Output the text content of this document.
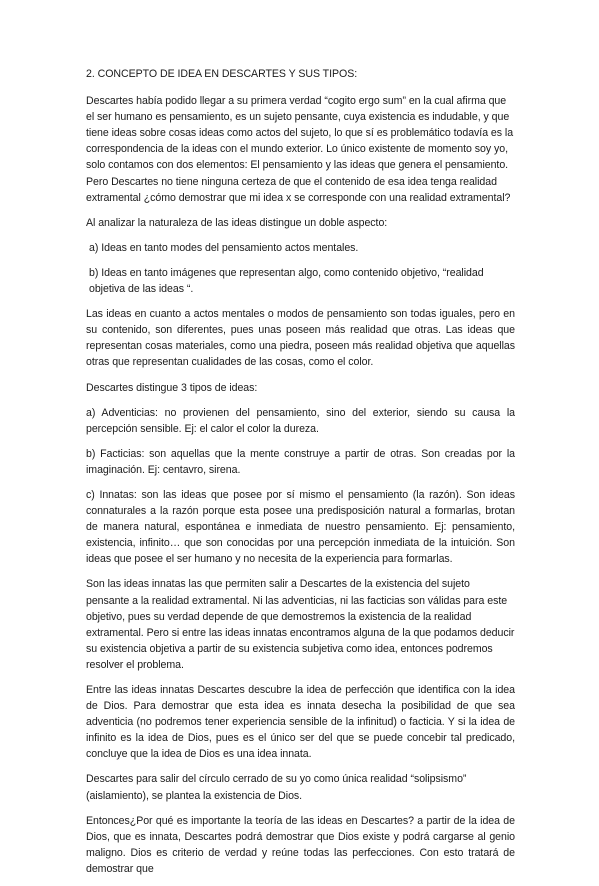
2. CONCEPTO DE IDEA EN DESCARTES Y SUS TIPOS:
Descartes había podido llegar a su primera verdad “cogito ergo sum” en la cual afirma que el ser humano es pensamiento, es un sujeto pensante, cuya existencia es indudable, y que tiene ideas sobre cosas ideas como actos del sujeto, lo que sí es problemático todavía es la correspondencia de la ideas con el mundo exterior. Lo único existente de momento soy yo, solo contamos con dos elementos: El pensamiento y las ideas que genera el pensamiento. Pero Descartes no tiene ninguna certeza de que el contenido de esa idea tenga realidad extramental ¿cómo demostrar que mi idea x se corresponde con una realidad extramental?
Al analizar la naturaleza de las ideas distingue un doble aspecto:
a) Ideas en tanto modes del pensamiento actos mentales.
b) Ideas en tanto imágenes que representan algo, como contenido objetivo, “realidad objetiva de las ideas “.
Las ideas en cuanto a actos mentales o modos de pensamiento son todas iguales, pero en su contenido, son diferentes, pues unas poseen más realidad que otras. Las ideas que representan cosas materiales, como una piedra, poseen más realidad objetiva que aquellas otras que representan cualidades de las cosas, como el color.
Descartes distingue 3 tipos de ideas:
a) Adventicias: no provienen del pensamiento, sino del exterior, siendo su causa la percepción sensible. Ej: el calor el color la dureza.
b) Facticias: son aquellas que la mente construye a partir de otras. Son creadas por la imaginación. Ej: centavro, sirena.
c) Innatas: son las ideas que posee por sí mismo el pensamiento (la razón). Son ideas connaturales a la razón porque esta posee una predisposición natural a formarlas, brotan de manera natural, espontánea e inmediata de nuestro pensamiento. Ej: pensamiento, existencia, infinito… que son conocidas por una percepción inmediata de la intuición. Son ideas que posee el ser humano y no necesita de la experiencia para formarlas.
Son las ideas innatas las que permiten salir a Descartes de la existencia del sujeto pensante a la realidad extramental. Ni las adventicias, ni las facticias son válidas para este objetivo, pues su verdad depende de que demostremos la existencia de la realidad extramental. Pero si entre las ideas innatas encontramos alguna de la que podamos deducir su existencia objetiva a partir de su existencia subjetiva como idea, entonces podremos resolver el problema.
Entre las ideas innatas Descartes descubre la idea de perfección que identifica con la idea de Dios. Para demostrar que esta idea es innata desecha la posibilidad de que sea adventicia (no podremos tener experiencia sensible de la infinitud) o facticia. Y si la idea de infinito es la idea de Dios, pues es el único ser del que se puede concebir tal predicado, concluye que la idea de Dios es una idea innata.
Descartes para salir del círculo cerrado de su yo como única realidad “solipsismo” (aislamiento), se plantea la existencia de Dios.
Entonces¿Por qué es importante la teoría de las ideas en Descartes? a partir de la idea de Dios, que es innata, Descartes podrá demostrar que Dios existe y podrá cargarse al genio maligno. Dios es criterio de verdad y reúne todas las perfecciones. Con esto tratará de demostrar que
